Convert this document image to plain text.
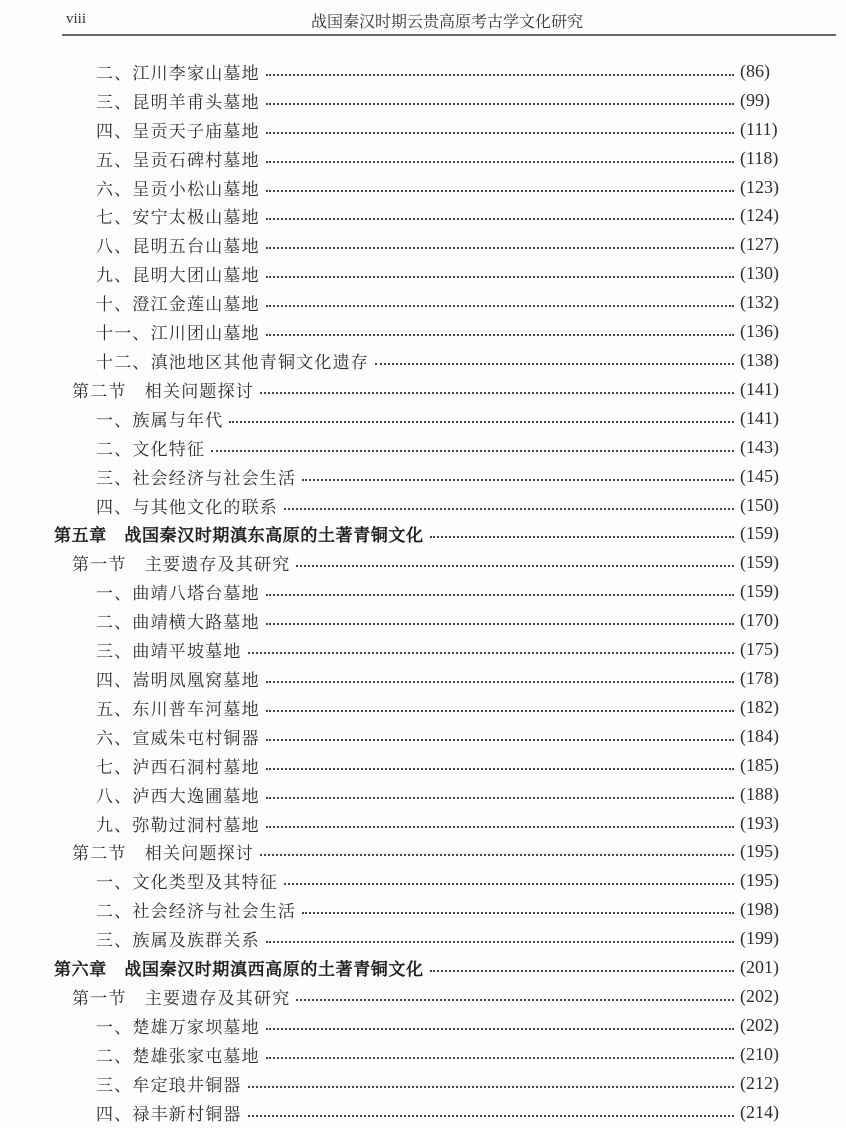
viii	战国秦汉时期云贵高原考古学文化研究
二、江川李家山墓地	(86)
三、昆明羊甫头墓地	(99)
四、呈贡天子庙墓地	(111)
五、呈贡石碑村墓地	(118)
六、呈贡小松山墓地	(123)
七、安宁太极山墓地	(124)
八、昆明五台山墓地	(127)
九、昆明大团山墓地	(130)
十、澄江金莲山墓地	(132)
十一、江川团山墓地	(136)
十二、滇池地区其他青铜文化遗存	(138)
第二节　相关问题探讨	(141)
一、族属与年代	(141)
二、文化特征	(143)
三、社会经济与社会生活	(145)
四、与其他文化的联系	(150)
第五章　战国秦汉时期滇东高原的土著青铜文化	(159)
第一节　主要遗存及其研究	(159)
一、曲靖八塔台墓地	(159)
二、曲靖横大路墓地	(170)
三、曲靖平坡墓地	(175)
四、嵩明凤凰窝墓地	(178)
五、东川普车河墓地	(182)
六、宣威朱屯村铜器	(184)
七、泸西石洞村墓地	(185)
八、泸西大逸圃墓地	(188)
九、弥勒过洞村墓地	(193)
第二节　相关问题探讨	(195)
一、文化类型及其特征	(195)
二、社会经济与社会生活	(198)
三、族属及族群关系	(199)
第六章　战国秦汉时期滇西高原的土著青铜文化	(201)
第一节　主要遗存及其研究	(202)
一、楚雄万家坝墓地	(202)
二、楚雄张家屯墓地	(210)
三、牟定琅井铜器	(212)
四、禄丰新村铜器	(214)
